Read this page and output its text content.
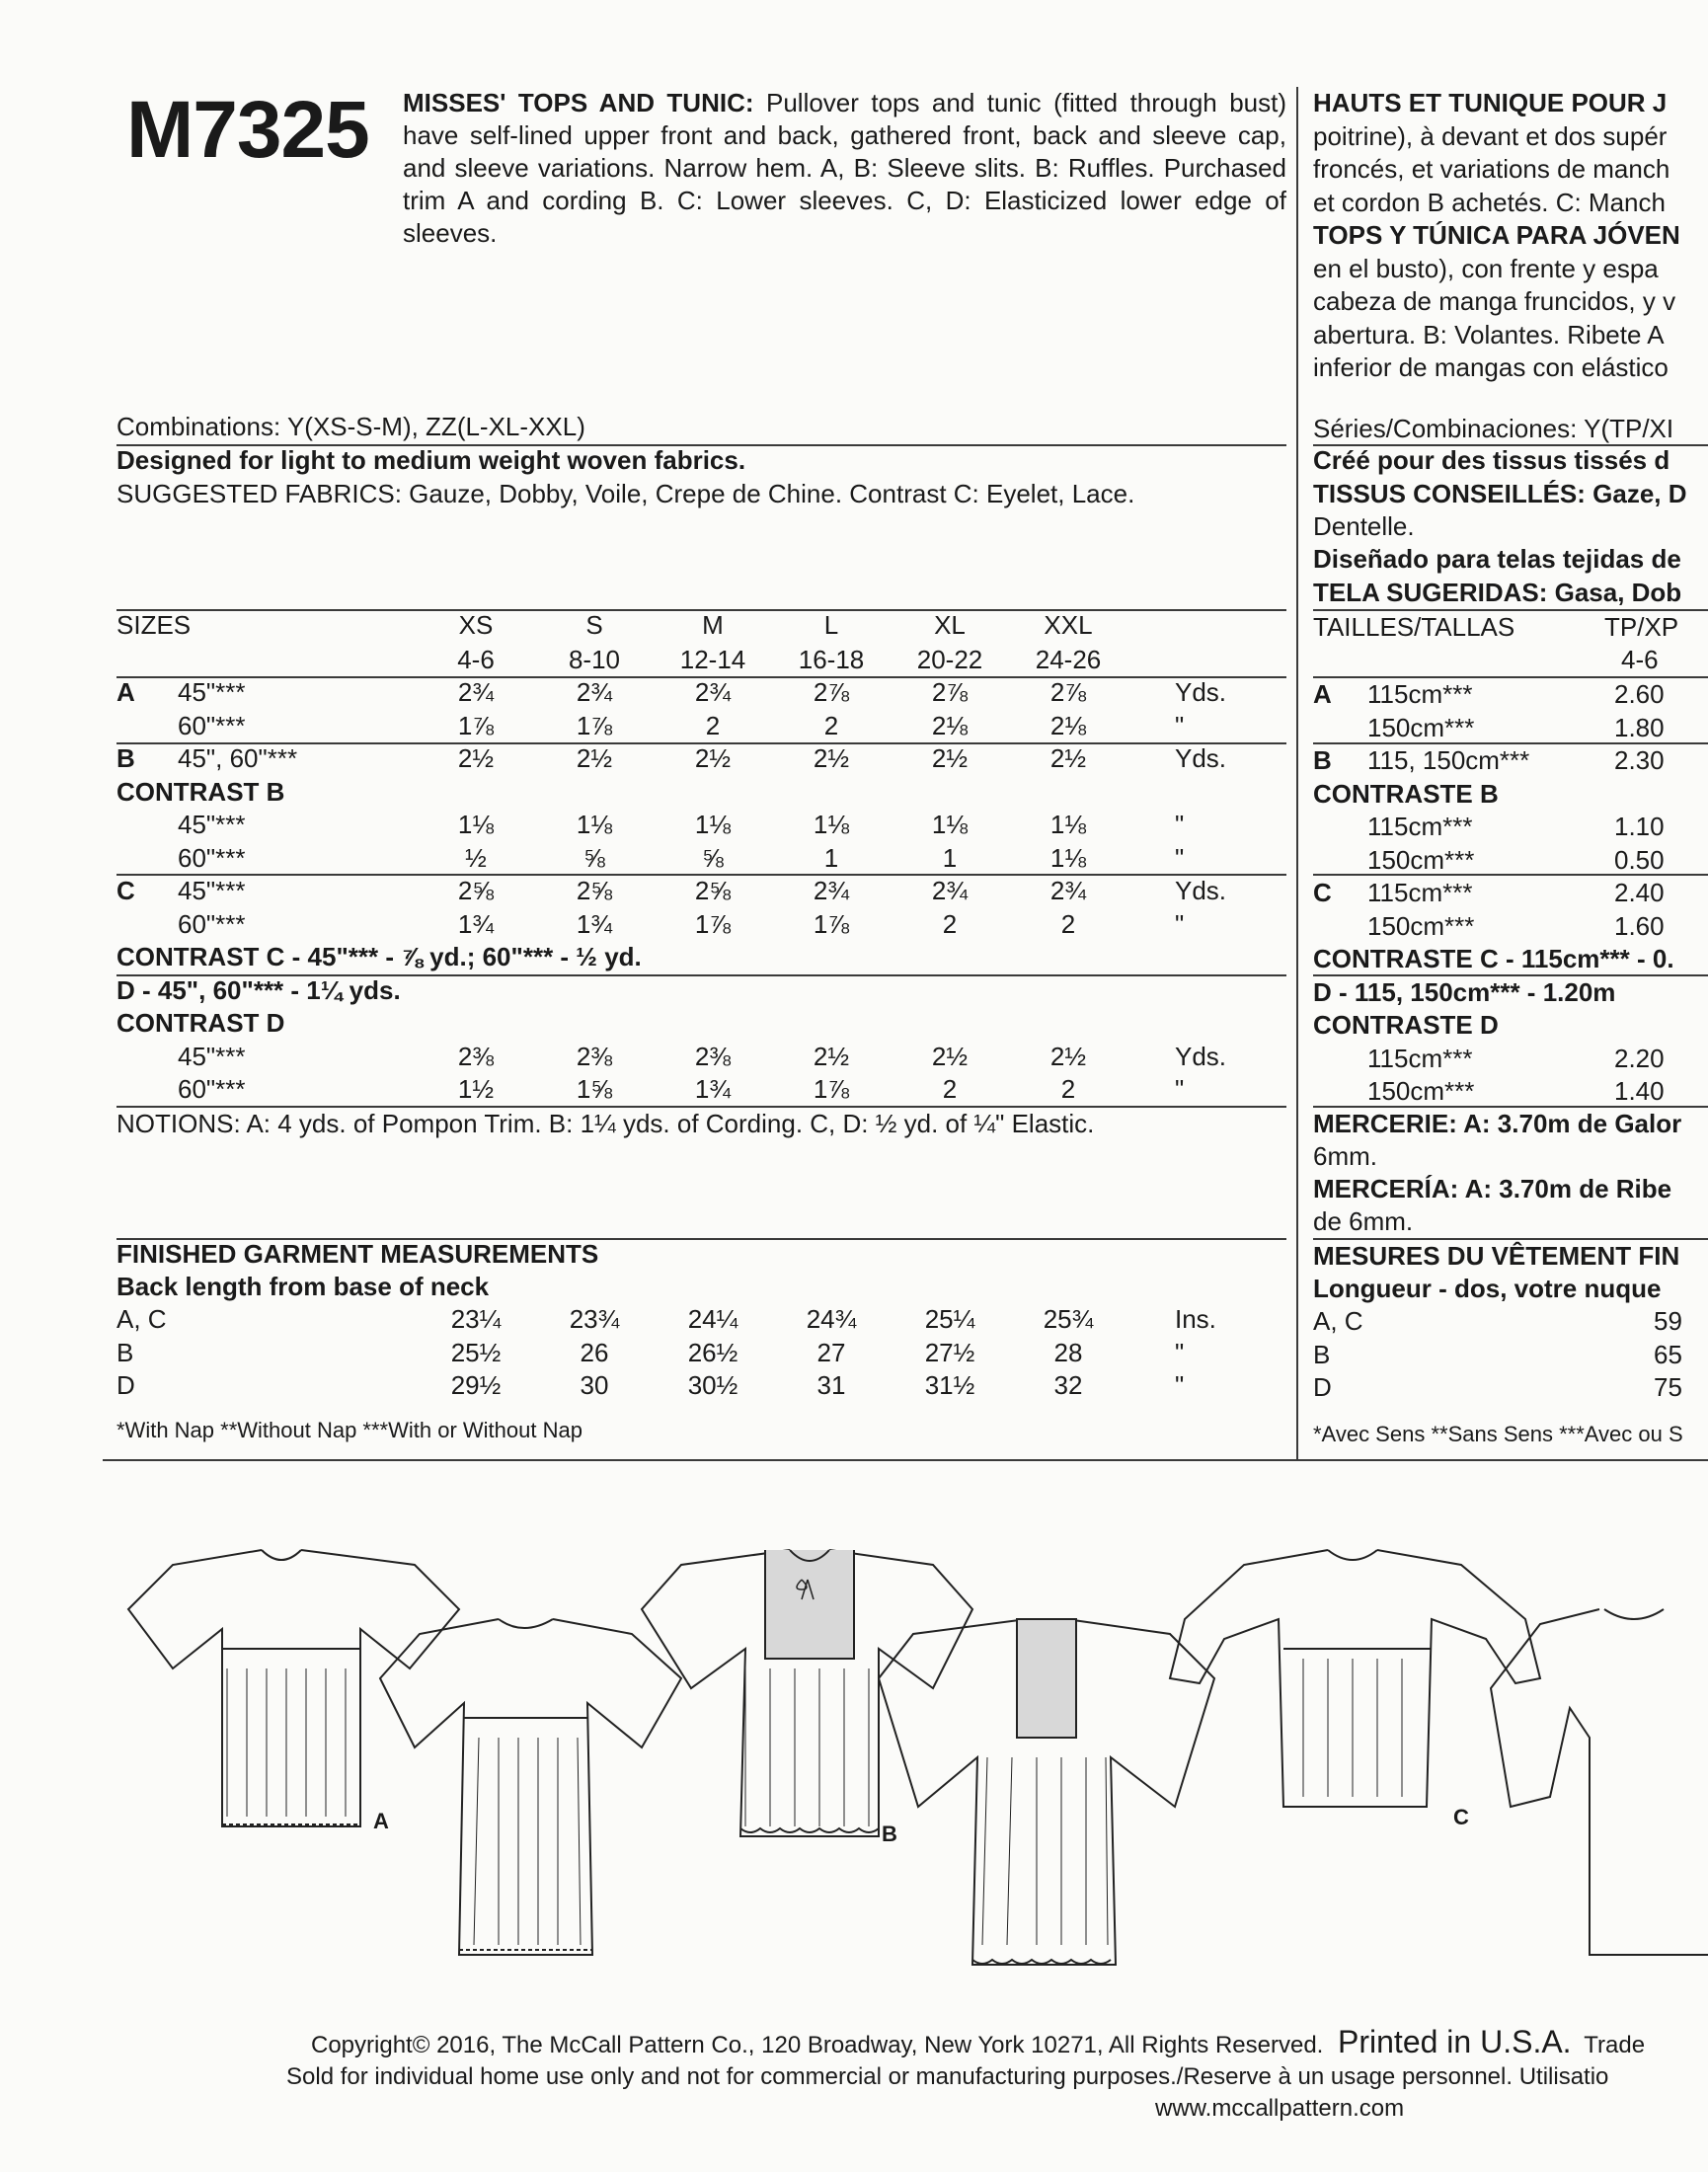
M7325 MISSES' TOPS AND TUNIC: Pullover tops and tunic (fitted through bust) have self-lined upper front and back, gathered front, back and sleeve cap, and sleeve variations. Narrow hem. A, B: Sleeve slits. B: Ruffles. Purchased trim A and cording B. C: Lower sleeves. C, D: Elasticized lower edge of sleeves.
HAUTS ET TUNIQUE POUR J
poitrine), à devant et dos supér
froncés, et variations de manch
et cordon B achetés. C: Manch
TOPS Y TÚNICA PARA JÓVEN
en el busto), con frente y espa
cabeza de manga fruncidos, y v
abertura. B: Volantes. Ribete A
inferior de mangas con elástico
Combinations: Y(XS-S-M), ZZ(L-XL-XXL)
Designed for light to medium weight woven fabrics.
SUGGESTED FABRICS: Gauze, Dobby, Voile, Crepe de Chine. Contrast C: Eyelet, Lace.
SIZES	XS	S	M	L	XL	XXL
4-6	8-10	12-14	16-18	20-22	24-26
A 45"***	2¾	2¾	2¾	2⅞	2⅞	2⅞	Yds.
60"***	1⅞	1⅞	2	2	2⅛	2⅛	"
B 45", 60"***	2½	2½	2½	2½	2½	2½	Yds.
CONTRAST B
45"***	1⅛	1⅛	1⅛	1⅛	1⅛	1⅛	"
60"***	½	⅝	⅝	1	1	1⅛	"
C 45"***	2⅝	2⅝	2⅝	2¾	2¾	2¾	Yds.
60"***	1¾	1¾	1⅞	1⅞	2	2	"
CONTRAST C - 45"*** - ⅞ yd.; 60"*** - ½ yd.
D - 45", 60"*** - 1¼ yds.
CONTRAST D
45"***	2⅜	2⅜	2⅜	2½	2½	2½	Yds.
60"***	1½	1⅝	1¾	1⅞	2	2	"
NOTIONS: A: 4 yds. of Pompon Trim. B: 1¼ yds. of Cording. C, D: ½ yd. of ¼" Elastic.
FINISHED GARMENT MEASUREMENTS
Back length from base of neck
A, C	23¼	23¾	24¼	24¾	25¼	25¾	Ins.
B	25½	26	26½	27	27½	28	"
D	29½	30	30½	31	31½	32	"
*With Nap **Without Nap ***With or Without Nap
Séries/Combinaciones: Y(TP/XI
Créé pour des tissus tissés d
TISSUS CONSEILLÉS: Gaze, D
Dentelle.
Diseñado para telas tejidas de
TELA SUGERIDAS: Gasa, Dob
TAILLES/TALLAS	TP/XP
4-6
A 115cm***	2.60
150cm***	1.80
B 115, 150cm***	2.30
CONTRASTE B
115cm***	1.10
150cm***	0.50
C 115cm***	2.40
150cm***	1.60
CONTRASTE C - 115cm*** - 0.
D - 115, 150cm*** - 1.20m
CONTRASTE D
115cm***	2.20
150cm***	1.40
MERCERIE: A: 3.70m de Galor
6mm.
MERCERÍA: A: 3.70m de Ribe
de 6mm.
MESURES DU VÊTEMENT FIN
Longueur - dos, votre nuque
A, C	59
B	65
D	75
*Avec Sens **Sans Sens ***Avec ou S
A
B
C
Copyright© 2016, The McCall Pattern Co., 120 Broadway, New York 10271, All Rights Reserved. Printed in U.S.A. Trade
Sold for individual home use only and not for commercial or manufacturing purposes./Reserve à un usage personnel. Utilisatio
www.mccallpattern.com
